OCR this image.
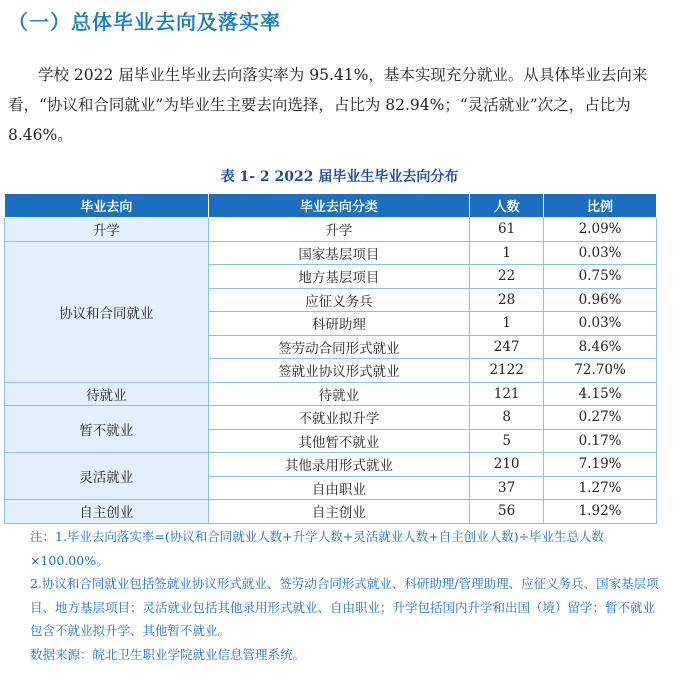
（一）总体毕业去向及落实率
学校 2022 届毕业生毕业去向落实率为 95.41%，基本实现充分就业。从具体毕业去向来看，“协议和合同就业”为毕业生主要去向选择，占比为 82.94%；“灵活就业”次之，占比为 8.46%。
表 1- 2 2022 届毕业生毕业去向分布
毕业去向	毕业去向分类	人数	比例
升学	升学	61	2.09%
协议和合同就业	国家基层项目	1	0.03%
	地方基层项目	22	0.75%
	应征义务兵	28	0.96%
	科研助理	1	0.03%
	签劳动合同形式就业	247	8.46%
	签就业协议形式就业	2122	72.70%
待就业	待就业	121	4.15%
暂不就业	不就业拟升学	8	0.27%
	其他暂不就业	5	0.17%
灵活就业	其他录用形式就业	210	7.19%
	自由职业	37	1.27%
自主创业	自主创业	56	1.92%

注：1.毕业去向落实率=(协议和合同就业人数+升学人数+灵活就业人数+自主创业人数)÷毕业生总人数×100.00%。

2.协议和合同就业包括签就业协议形式就业、签劳动合同形式就业、科研助理/管理助理、应征义务兵、国家基层项目、地方基层项目；灵活就业包括其他录用形式就业、自由职业；升学包括国内升学和出国（境）留学；暂不就业包含不就业拟升学、其他暂不就业。

数据来源：皖北卫生职业学院就业信息管理系统。
